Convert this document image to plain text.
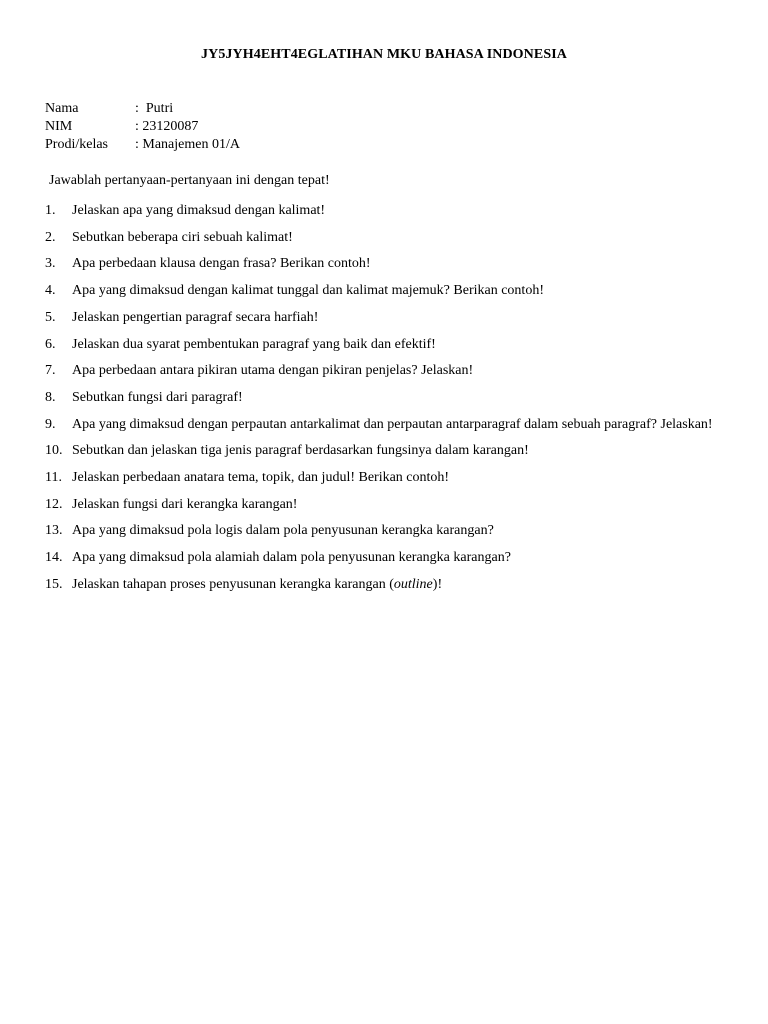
JY5JYH4EHT4EGLATIHAN MKU BAHASA INDONESIA
Nama	:  Putri
NIM	: 23120087
Prodi/kelas	: Manajemen 01/A
Jawablah pertanyaan-pertanyaan ini dengan tepat!
1.	Jelaskan apa yang dimaksud dengan kalimat!
2.	Sebutkan beberapa ciri sebuah kalimat!
3.	Apa perbedaan klausa dengan frasa? Berikan contoh!
4.	Apa yang dimaksud dengan kalimat tunggal dan kalimat majemuk? Berikan contoh!
5.	Jelaskan pengertian paragraf secara harfiah!
6.	Jelaskan dua syarat pembentukan paragraf yang baik dan efektif!
7.	Apa perbedaan antara pikiran utama dengan pikiran penjelas? Jelaskan!
8.	Sebutkan fungsi dari paragraf!
9.	Apa yang dimaksud dengan perpautan antarkalimat dan perpautan antarparagraf dalam sebuah paragraf? Jelaskan!
10. Sebutkan dan jelaskan tiga jenis paragraf berdasarkan fungsinya dalam karangan!
11. Jelaskan perbedaan anatara tema, topik, dan judul! Berikan contoh!
12. Jelaskan fungsi dari kerangka karangan!
13. Apa yang dimaksud pola logis dalam pola penyusunan kerangka karangan?
14. Apa yang dimaksud pola alamiah dalam pola penyusunan kerangka karangan?
15. Jelaskan tahapan proses penyusunan kerangka karangan (outline)!
